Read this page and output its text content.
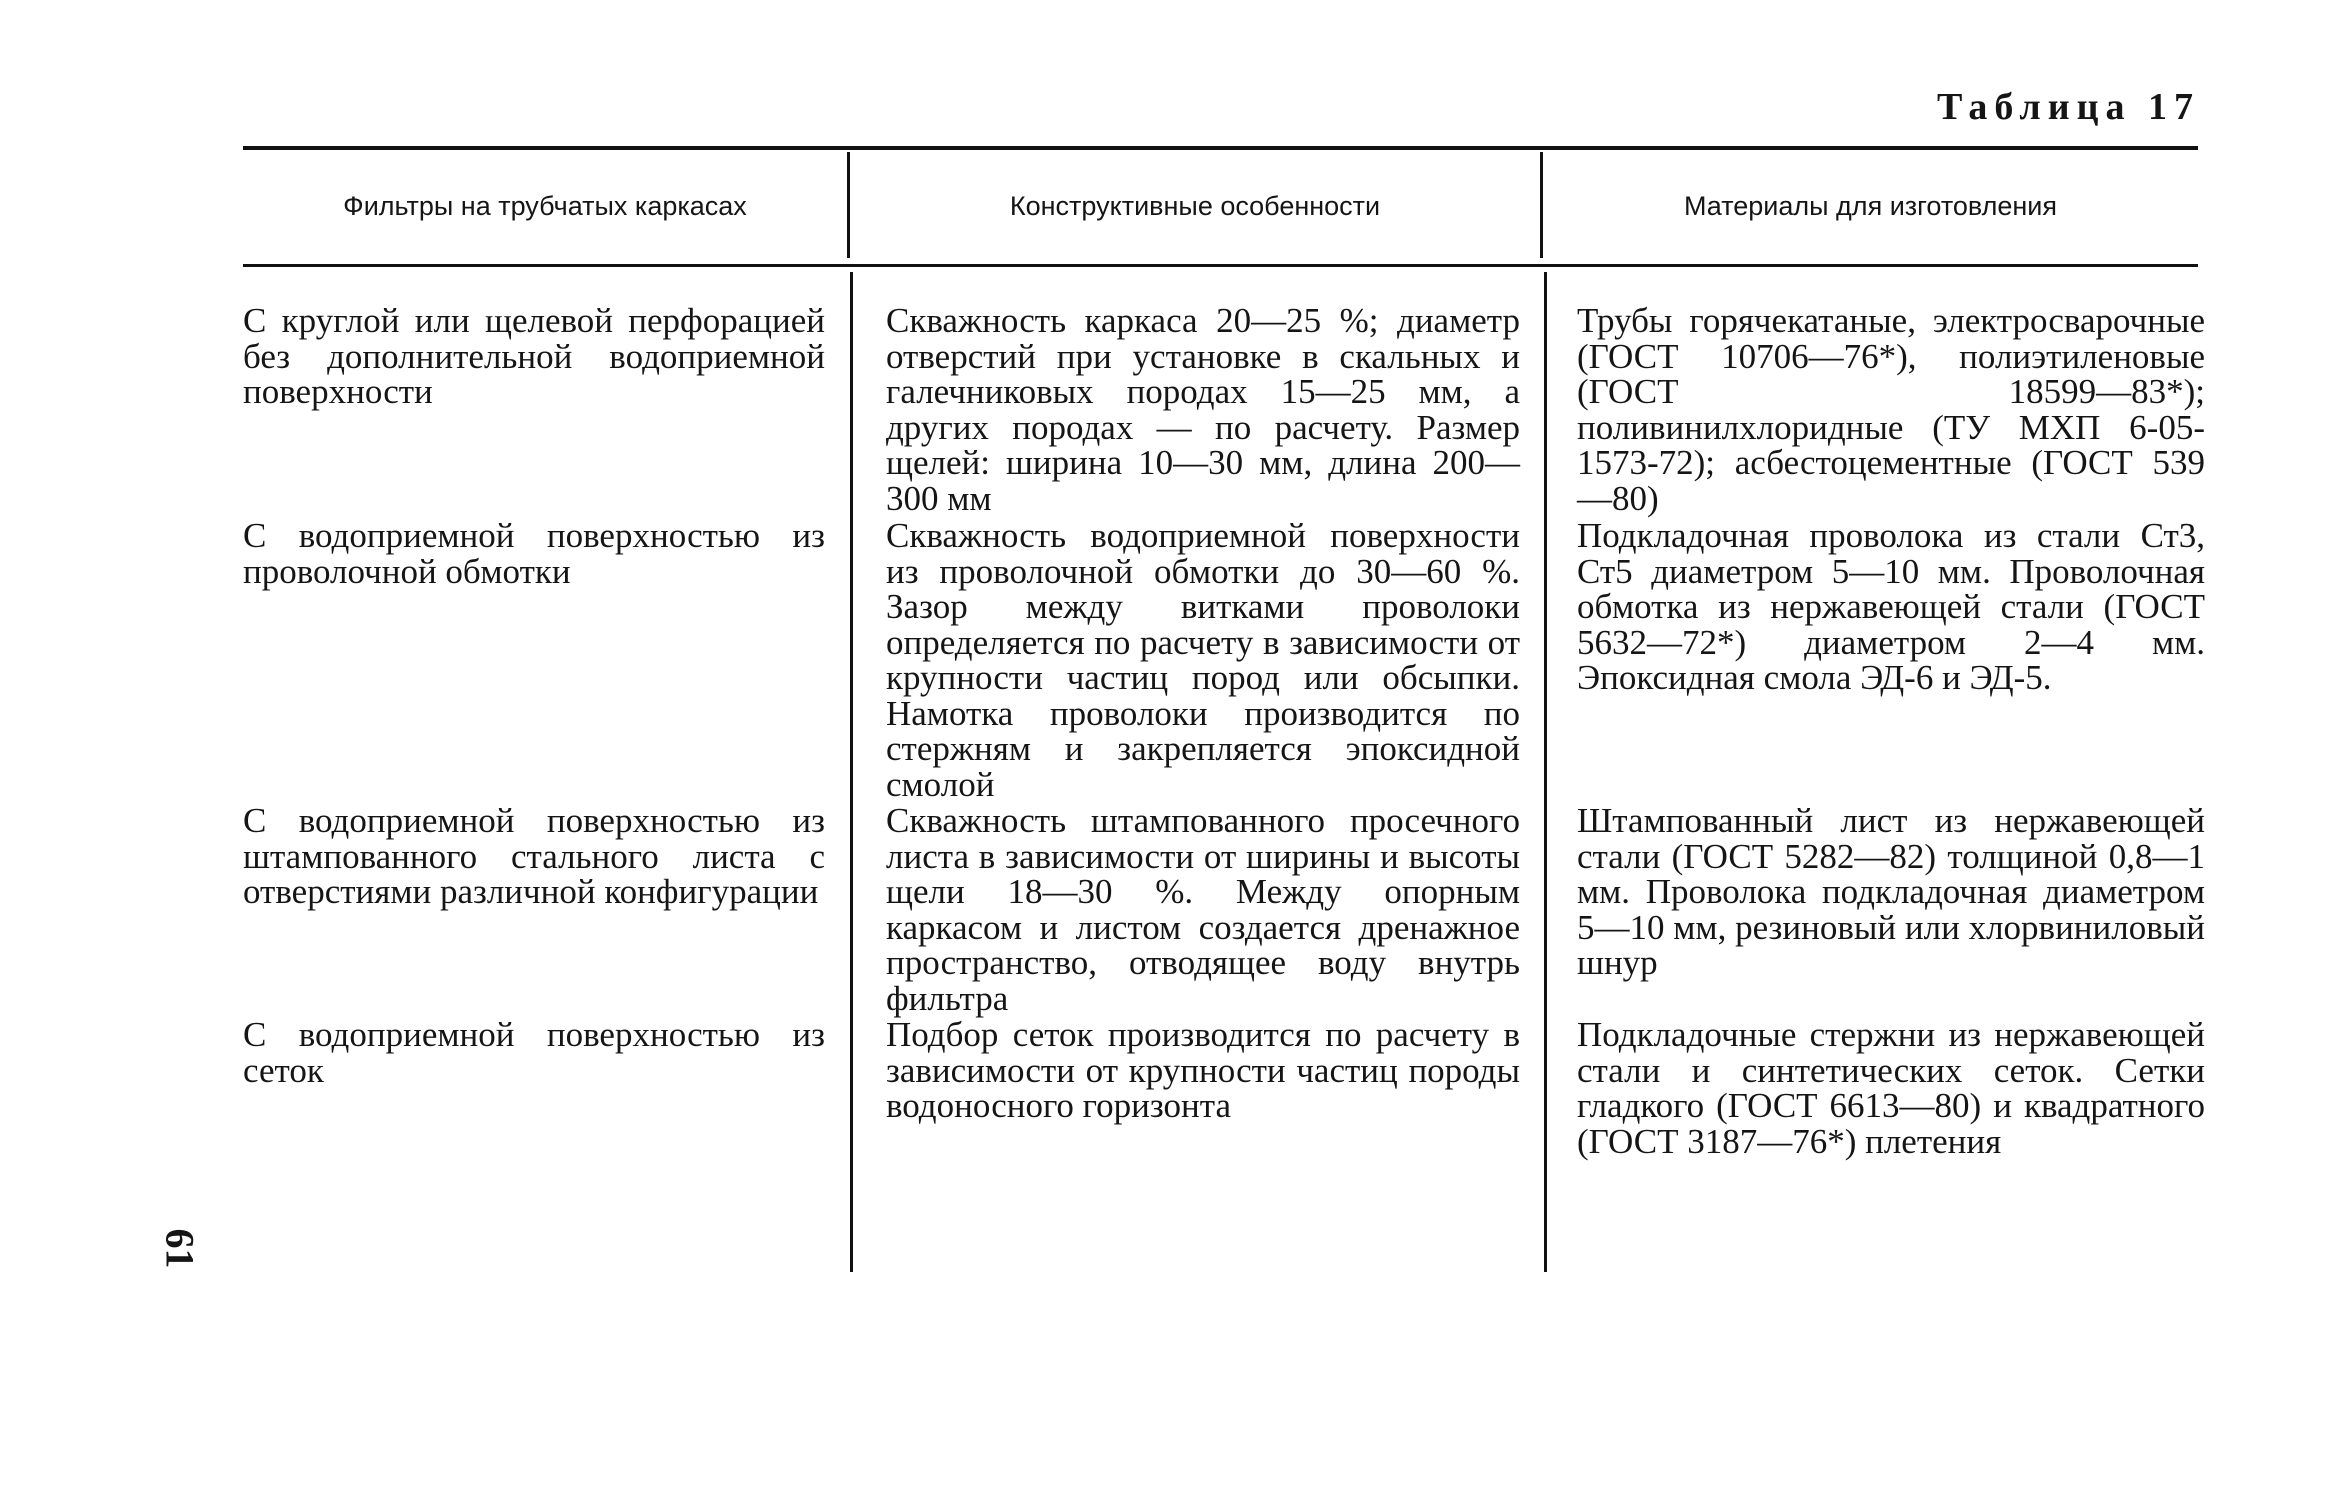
Таблица 17
61
Фильтры на трубчатых каркасах	Конструктивные особенности	Материалы для изготовления
С круглой или щелевой перфорацией без дополнительной водоприемной поверхности
Скважность каркаса 20—25 %; диаметр отверстий при установке в скальных и галечниковых породах 15—25 мм, а других породах — по расчету. Размер щелей: ширина 10—30 мм, длина 200—300 мм
Трубы горячекатаные, электросварочные (ГОСТ 10706—76*), полиэтиленовые (ГОСТ 18599—83*); поливинилхлоридные (ТУ МХП 6-05-1573-72); асбестоцементные (ГОСТ 539—80)
С водоприемной поверхностью из проволочной обмотки
Скважность водоприемной поверхности из проволочной обмотки до 30—60 %. Зазор между витками проволоки определяется по расчету в зависимости от крупности частиц пород или обсыпки. Намотка проволоки производится по стержням и закрепляется эпоксидной смолой
Подкладочная проволока из стали Ст3, Ст5 диаметром 5—10 мм. Проволочная обмотка из нержавеющей стали (ГОСТ 5632—72*) диаметром 2—4 мм. Эпоксидная смола ЭД-6 и ЭД-5.
С водоприемной поверхностью из штампованного стального листа с отверстиями различной конфигурации
Скважность штампованного просечного листа в зависимости от ширины и высоты щели 18—30 %. Между опорным каркасом и листом создается дренажное пространство, отводящее воду внутрь фильтра
Штампованный лист из нержавеющей стали (ГОСТ 5282—82) толщиной 0,8—1 мм. Проволока подкладочная диаметром 5—10 мм, резиновый или хлорвиниловый шнур
С водоприемной поверхностью из сеток
Подбор сеток производится по расчету в зависимости от крупности частиц породы водоносного горизонта
Подкладочные стержни из нержавеющей стали и синтетических сеток. Сетки гладкого (ГОСТ 6613—80) и квадратного (ГОСТ 3187—76*) плетения
